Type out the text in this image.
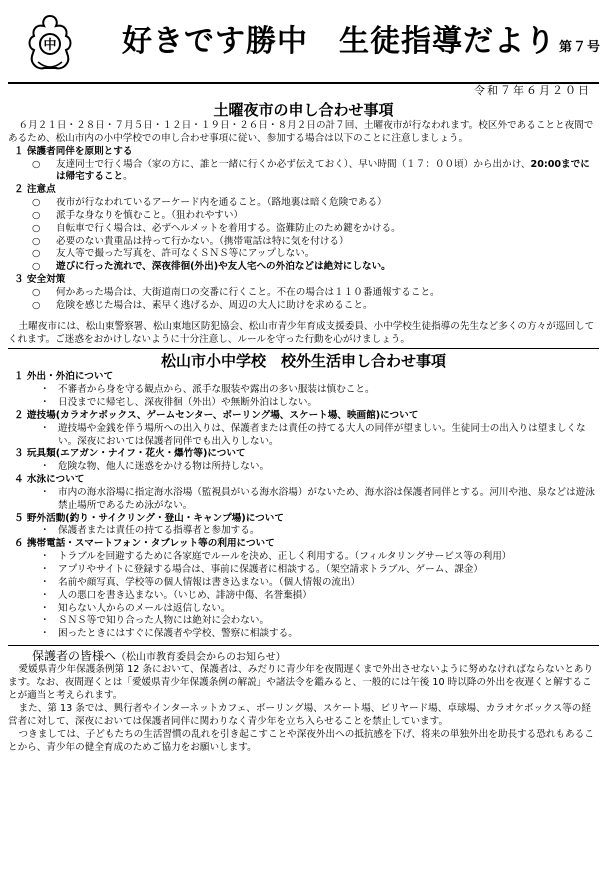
中 好きです勝中　生徒指導だより 第７号
令和７年６月２０日
土曜夜市の申し合わせ事項

６月２１日・２８日・７月５日・１２日・１９日・２６日・８月２日の計７回、土曜夜市が行なわれます。校区外であることと夜間であるため、松山市内の小中学校での申し合わせ事項に従い、参加する場合は以下のことに注意しましょう。

１ 保護者同伴を原則とする
○ 友達同士で行く場合（家の方に、誰と一緒に行くか必ず伝えておく）、早い時間（１７：００頃）から出かけ、20:00までには帰宅すること。
２ 注意点
○ 夜市が行なわれているアーケード内を通ること。（路地裏は暗く危険である）
○ 派手な身なりを慎むこと。（狙われやすい）
○ 自転車で行く場合は、必ずヘルメットを着用する。盗難防止のため鍵をかける。
○ 必要のない貴重品は持って行かない。（携帯電話は特に気を付ける）
○ 友人等で撮った写真を、許可なくＳＮＳ等にアップしない。
○ 遊びに行った流れで、深夜徘徊(外出)や友人宅への外泊などは絶対にしない。
３ 安全対策
○ 何かあった場合は、大街道南口の交番に行くこと。不在の場合は１１０番通報すること。
○ 危険を感じた場合は、素早く逃げるか、周辺の大人に助けを求めること。

土曜夜市には、松山東警察署、松山東地区防犯協会、松山市青少年育成支援委員、小中学校生徒指導の先生など多くの方々が巡回してくれます。ご迷惑をおかけしないように十分注意し、ルールを守った行動を心がけましょう。

松山市小中学校　校外生活申し合わせ事項
１ 外出・外泊について
・ 不審者から身を守る観点から、派手な服装や露出の多い服装は慎むこと。
・ 日没までに帰宅し、深夜徘徊（外出）や無断外泊はしない。
２ 遊技場(カラオケボックス、ゲームセンター、ボーリング場、スケート場、映画館)について
・ 遊技場や金銭を伴う場所への出入りは、保護者または責任の持てる大人の同伴が望ましい。生徒同士の出入りは望ましくない。深夜においては保護者同伴でも出入りしない。
３ 玩具類(エアガン・ナイフ・花火・爆竹等)について
・ 危険な物、他人に迷惑をかける物は所持しない。
４ 水泳について
・ 市内の海水浴場に指定海水浴場（監視員がいる海水浴場）がないため、海水浴は保護者同伴とする。河川や池、泉などは遊泳禁止場所であるため泳がない。
５ 野外活動(釣り・サイクリング・登山・キャンプ場)について
・ 保護者または責任の持てる指導者と参加する。
６ 携帯電話・スマートフォン・タブレット等の利用について
・ トラブルを回避するために各家庭でルールを決め、正しく利用する。（フィルタリングサービス等の利用）
・ アプリやサイトに登録する場合は、事前に保護者に相談する。（架空請求トラブル、ゲーム、課金）
・ 名前や顔写真、学校等の個人情報は書き込まない。（個人情報の流出）
・ 人の悪口を書き込まない。（いじめ、誹謗中傷、名誉棄損）
・ 知らない人からのメールは返信しない。
・ ＳＮＳ等で知り合った人物には絶対に会わない。
・ 困ったときにはすぐに保護者や学校、警察に相談する。
保護者の皆様へ（松山市教育委員会からのお知らせ）

愛媛県青少年保護条例第 12 条において、保護者は、みだりに青少年を夜間遅くまで外出させないように努めなければならないとあります。なお、夜間遅くとは「愛媛県青少年保護条例の解説」や諸法令を鑑みると、一般的には午後 10 時以降の外出を夜遅くと解することが適当と考えられます。

また、第 13 条では、興行者やインターネットカフェ、ボーリング場、スケート場、ビリヤード場、卓球場、カラオケボックス等の経営者に対して、深夜においては保護者同伴に関わりなく青少年を立ち入らせることを禁止しています。

つきましては、子どもたちの生活習慣の乱れを引き起こすことや深夜外出への抵抗感を下げ、将来の単独外出を助長する恐れもあることから、青少年の健全育成のためご協力をお願いします。
